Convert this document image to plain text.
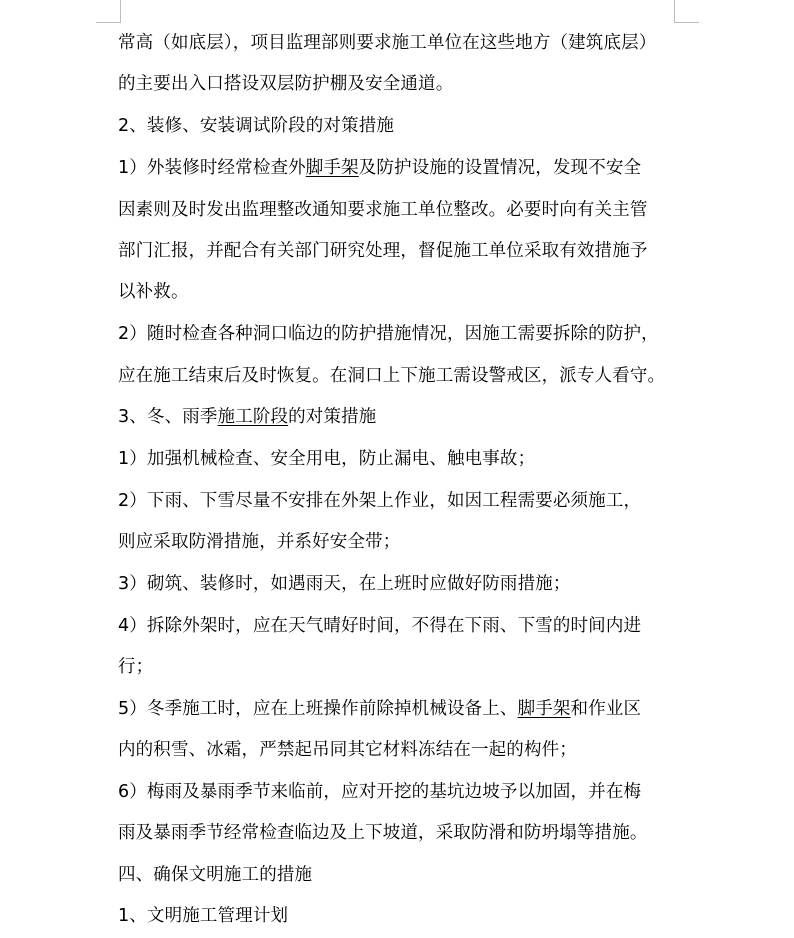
常高（如底层），项目监理部则要求施工单位在这些地方（建筑底层）
的主要出入口搭设双层防护棚及安全通道。
2、装修、安装调试阶段的对策措施
1）外装修时经常检查外脚手架及防护设施的设置情况，发现不安全
因素则及时发出监理整改通知要求施工单位整改。必要时向有关主管
部门汇报，并配合有关部门研究处理，督促施工单位采取有效措施予
以补救。
2）随时检查各种洞口临边的防护措施情况，因施工需要拆除的防护，
应在施工结束后及时恢复。在洞口上下施工需设警戒区，派专人看守。
3、冬、雨季施工阶段的对策措施
1）加强机械检查、安全用电，防止漏电、触电事故；
2）下雨、下雪尽量不安排在外架上作业，如因工程需要必须施工，
则应采取防滑措施，并系好安全带；
3）砌筑、装修时，如遇雨天，在上班时应做好防雨措施；
4）拆除外架时，应在天气晴好时间，不得在下雨、下雪的时间内进
行；
5）冬季施工时，应在上班操作前除掉机械设备上、脚手架和作业区
内的积雪、冰霜，严禁起吊同其它材料冻结在一起的构件；
6）梅雨及暴雨季节来临前，应对开挖的基坑边坡予以加固，并在梅
雨及暴雨季节经常检查临边及上下坡道，采取防滑和防坍塌等措施。
四、确保文明施工的措施
1、文明施工管理计划
